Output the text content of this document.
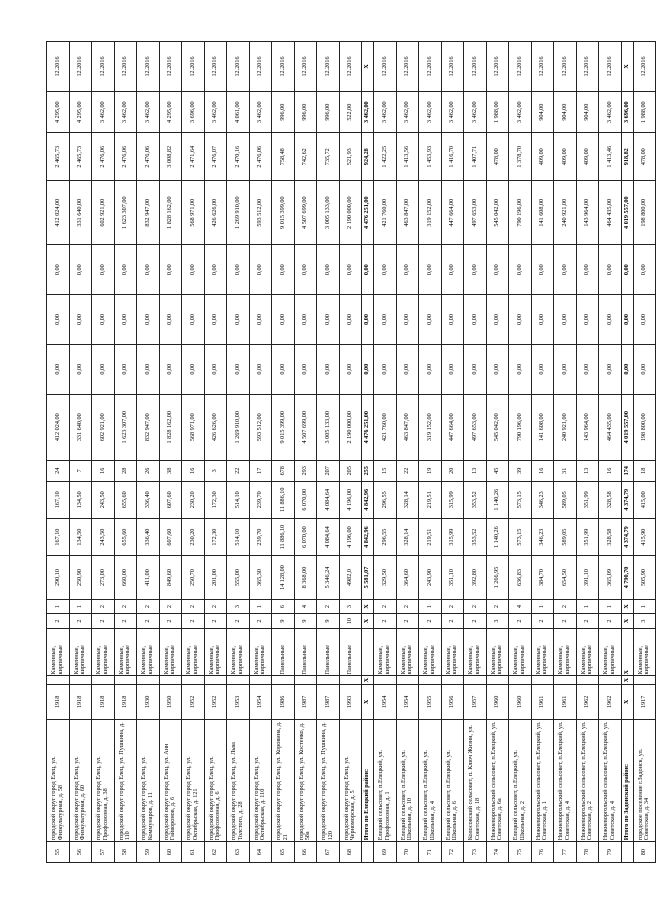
55	городской округ город Елец, ул. Физкультурная, д. 58	1918		Каменные, кирпичные	2	1	290,10	167,10	167,10	24	412 024,00	0,00	0,00	0,00	412 024,00	2 465,73	4 295,00	12.2016
56	городской округ город Елец, ул. Физкультурная, д. 60	1918		Каменные, кирпичные	2	1	250,90	134,50	134,50	7	331 640,00	0,00	0,00	0,00	331 640,00	2 465,73	4 295,00	12.2016
57	городской округ город Елец, ул. Профсоюзная, д. 38	1918		Каменные, кирпичные	2	2	273,00	243,50	243,50	16	602 921,00	0,00	0,00	0,00	602 921,00	2 476,06	3 462,00	12.2016
58	городской округ город Елец, ул. Пушкина, д. 110	1918		Каменные, кирпичные	2	2	660,00	655,60	655,60	28	1 623 307,00	0,00	0,00	0,00	1 623 307,00	2 476,06	3 462,00	12.2016
59	городской округ город Елец, ул. Коммунаров, д. 11	1930		Каменные, кирпичные	2	2	411,00	336,40	336,40	26	832 947,00	0,00	0,00	0,00	832 947,00	2 476,06	3 462,00	12.2016
60	городской округ город Елец, ул. Анн Гайворонов, д. 6	1950		Каменные, кирпичные	2	2	849,60	607,60	607,60	38	1 828 162,00	0,00	0,00	0,00	1 828 162,00	3 008,82	4 295,00	12.2016
61	городской округ город Елец, ул. Октябрьская, д. 121	1952		Каменные, кирпичные	2	2	250,70	230,20	230,20	16	568 971,00	0,00	0,00	0,00	568 971,00	2 471,64	3 696,00	12.2016
62	городской округ город Елец, ул. Профсоюзная, д. 6	1952		Каменные, кирпичные	2	2	201,00	172,30	172,30	3	426 626,00	0,00	0,00	0,00	426 626,00	2 476,07	3 462,00	12.2016
63	городской округ город Елец, ул. Льва Толстого, д. 28	1953		Каменные, кирпичные	2	3	555,00	514,10	514,10	22	1 269 910,00	0,00	0,00	0,00	1 269 910,00	2 470,16	4 061,00	12.2016
64	городской округ город Елец, ул. Октябрьская, д. 110	1954		Каменные, кирпичные	2	1	365,30	239,70	239,70	17	593 512,00	0,00	0,00	0,00	593 512,00	2 476,06	3 462,00	12.2016
65	городской округ город Елец, ул. Коровина, д. 21	1986		Панельные	9	6	14 128,00	11 886,10	11 886,10	678	9 015 399,00	0,00	0,00	0,00	9 015 399,00	758,48	996,00	12.2016
66	городской округ город Елец, ул. Костенко, д. 58а	1987		Панельные	9	4	8 368,00	6 070,00	6 070,00	293	4 507 699,00	0,00	0,00	0,00	4 507 699,00	742,62	996,00	12.2016
67	городской округ город Елец, ул. Пушкина, д. 120	1987		Панельные	9	2	5 346,24	4 084,64	4 084,64	207	3 005 133,00	0,00	0,00	0,00	3 005 133,00	735,72	996,00	12.2016
68	городской округ город Елец, ул. Черноморская, д. 5	1993		Панельные	10	3	4982,0	4 196,00	4 196,00	205	2 190 000,00	0,00	0,00	0,00	2 190 000,00	521,93	522,00	12.2016
	Итого по Елецкий район:	X	X		X	X	5 581,07	4 842,96	4 842,96	255	4 476 251,00	0,00	0,00	0,00	4 476 251,00	924,28	3 462,00	X
69	Елецкий сельсовет, п.Елецкий, ул. Профсоюзная, д. 1	1954		Каменные, кирпичные	2	2	329,50	296,55	296,55	15	421 760,00	0,00	0,00	0,00	421 760,00	1 422,25	3 462,00	12.2016
70	Елецкий сельсовет, п.Елецкий, ул. Школьная, д. 10	1954		Каменные, кирпичные	2	2	364,60	328,14	328,14	22	463 847,00	0,00	0,00	0,00	463 847,00	1 413,56	3 462,00	12.2016
71	Елецкий сельсовет, п.Елецкий, ул. Школьная, д. 4	1955		Каменные, кирпичные	2	1	243,90	219,51	219,51	19	319 152,00	0,00	0,00	0,00	319 152,00	1 453,93	3 462,00	12.2016
72	Елецкий сельсовет, п.Елецкий, ул. Школьная, д. 6	1956		Каменные, кирпичные	2	2	351,10	315,99	315,99	20	447 664,00	0,00	0,00	0,00	447 664,00	1 416,70	3 462,00	12.2016
73	Колосовский сельсовет, п. Ключ Жизни, ул. Советская, д. 18	1957		Каменные, кирпичные	2	2	392,80	353,52	353,52	13	497 653,00	0,00	0,00	0,00	497 653,00	1 407,71	3 462,00	12.2016
74	Нижневоргольский сельсовет, п.Елецкий, ул. Советская, д. 6а	1960		Каменные, кирпичные	3	2	1 266,95	1 140,26	1 140,26	45	545 042,00	0,00	0,00	0,00	545 042,00	478,00	1 988,00	12.2016
75	Елецкий сельсовет, п.Елецкий, ул. Школьная, д. 2	1960		Каменные, кирпичные	2	4	636,83	573,15	573,15	39	790 196,00	0,00	0,00	0,00	790 196,00	1 378,70	3 462,00	12.2016
76	Нижневоргольский сельсовет, п.Елецкий, ул. Советская, д. 1	1961		Каменные, кирпичные	2	1	384,70	346,23	346,23	16	141 608,00	0,00	0,00	0,00	141 608,00	409,00	904,00	12.2016
77	Нижневоргольский сельсовет, п.Елецкий, ул. Советская, д. 4	1961		Каменные, кирпичные	2	2	654,50	589,05	589,05	31	240 921,00	0,00	0,00	0,00	240 921,00	409,00	904,00	12.2016
78	Нижневоргольский сельсовет, п.Елецкий, ул. Советская, д. 2	1962		Каменные, кирпичные	2	1	391,10	351,99	351,99	13	143 964,00	0,00	0,00	0,00	143 964,00	409,00	904,00	12.2016
79	Нижневоргольский сельсовет, п.Елецкий, ул. Советская, д. 4	1962		Каменные, кирпичные	2	1	365,09	328,58	328,58	16	464 435,00	0,00	0,00	0,00	464 435,00	1 413,46	3 462,00	12.2016
	Итого по Задонский район:	X	X	X	X	X	4 790,70	4 374,79	4 374,79	174	4 019 557,00	0,00	0,00	0,00	4 019 557,00	918,82	3 696,00	X
80	городское поселение г.Задонск, ул. Советская, д. 34	1917		Каменные, кирпичные	3	1	505,90	415,90	415,00	18	198 800,00	0,00	0,00	0,00	198 800,00	478,00	1 988,00	12.2016
